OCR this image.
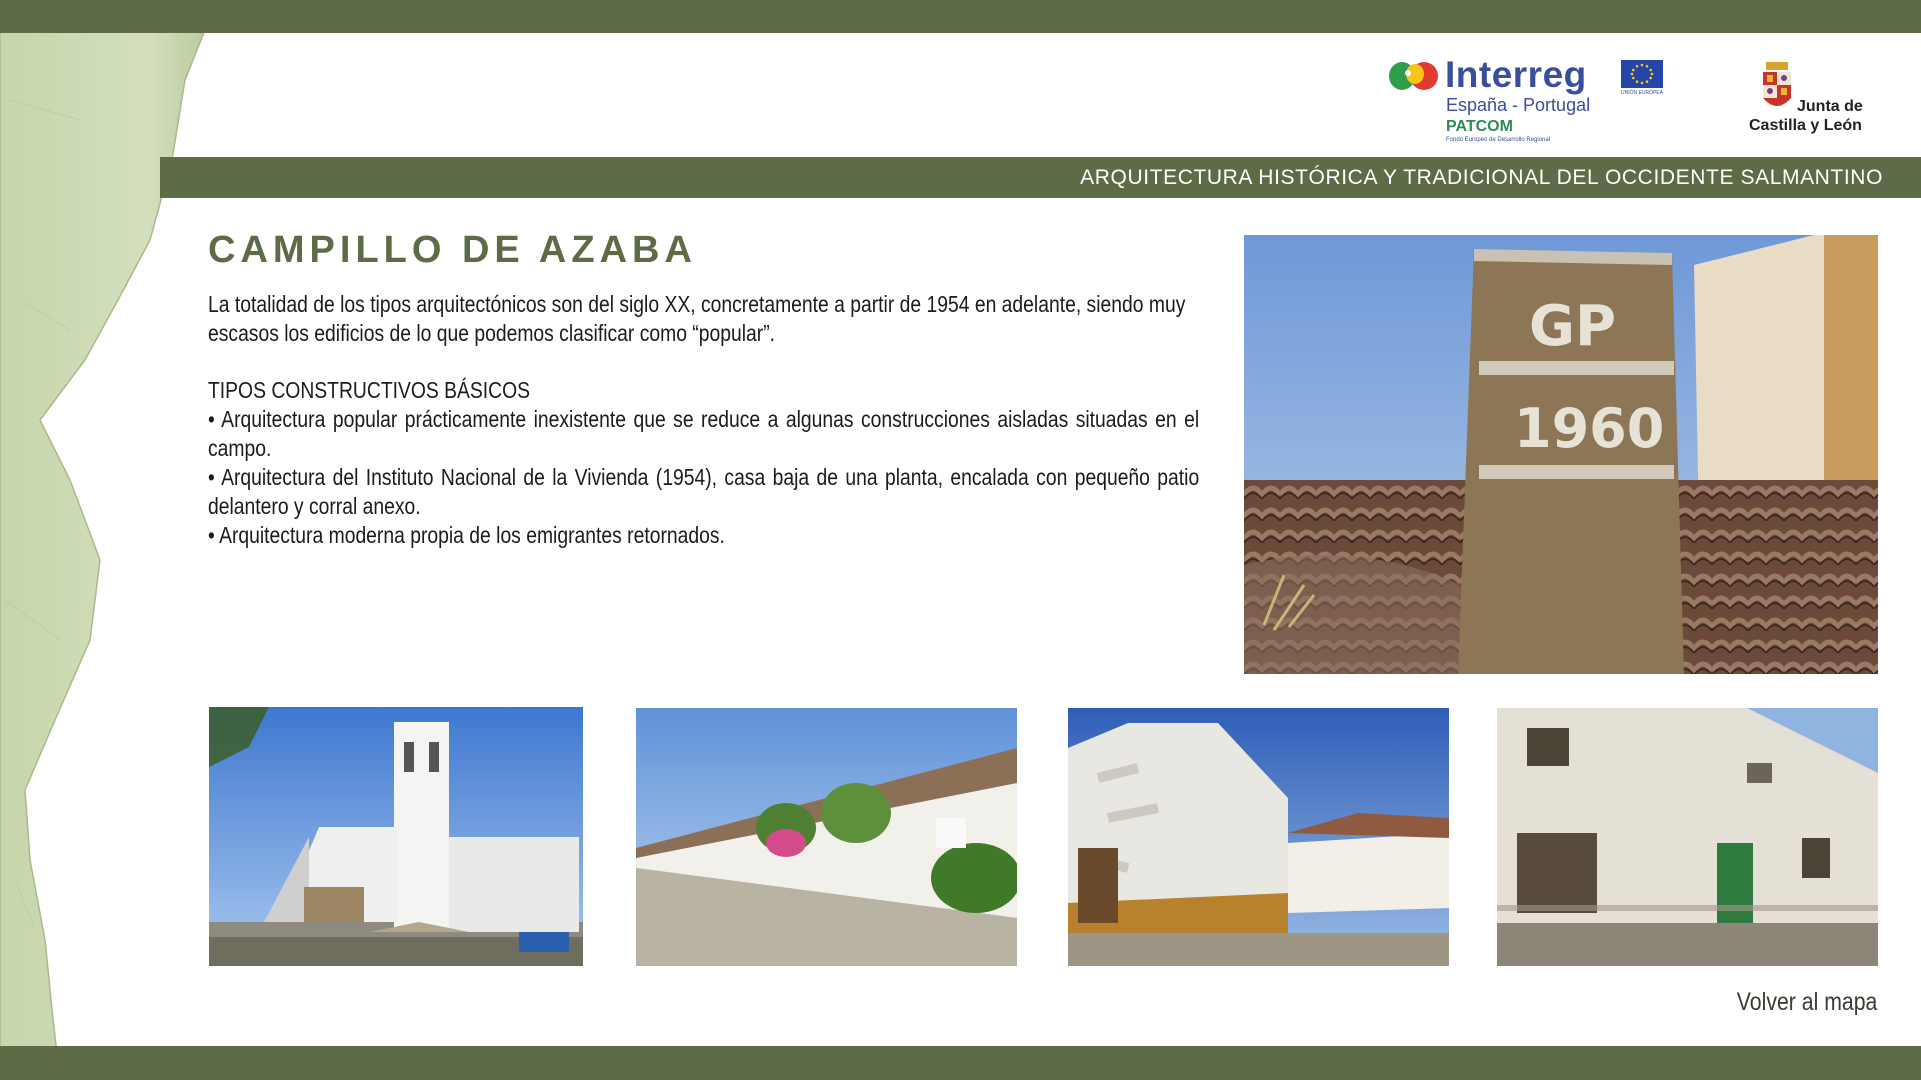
Interreg
España - Portugal
PATCOM
Fondo Europeo de Desarrollo Regional
UNIÓN EUROPEA
Junta de
Castilla y León
ARQUITECTURA HISTÓRICA Y TRADICIONAL DEL OCCIDENTE SALMANTINO
CAMPILLO DE AZABA
La totalidad de los tipos arquitectónicos son del siglo XX, concretamente a partir de 1954 en adelante, siendo muy escasos los edificios de lo que podemos clasificar como “popular”.
TIPOS CONSTRUCTIVOS BÁSICOS
• Arquitectura popular prácticamente inexistente que se reduce a algunas construcciones aisladas situadas en el campo.
• Arquitectura del Instituto Nacional de la Vivienda (1954), casa baja de una planta, encalada con pequeño patio delantero y corral anexo.
• Arquitectura moderna propia de los emigrantes retornados.
GP
1960
Volver al mapa
